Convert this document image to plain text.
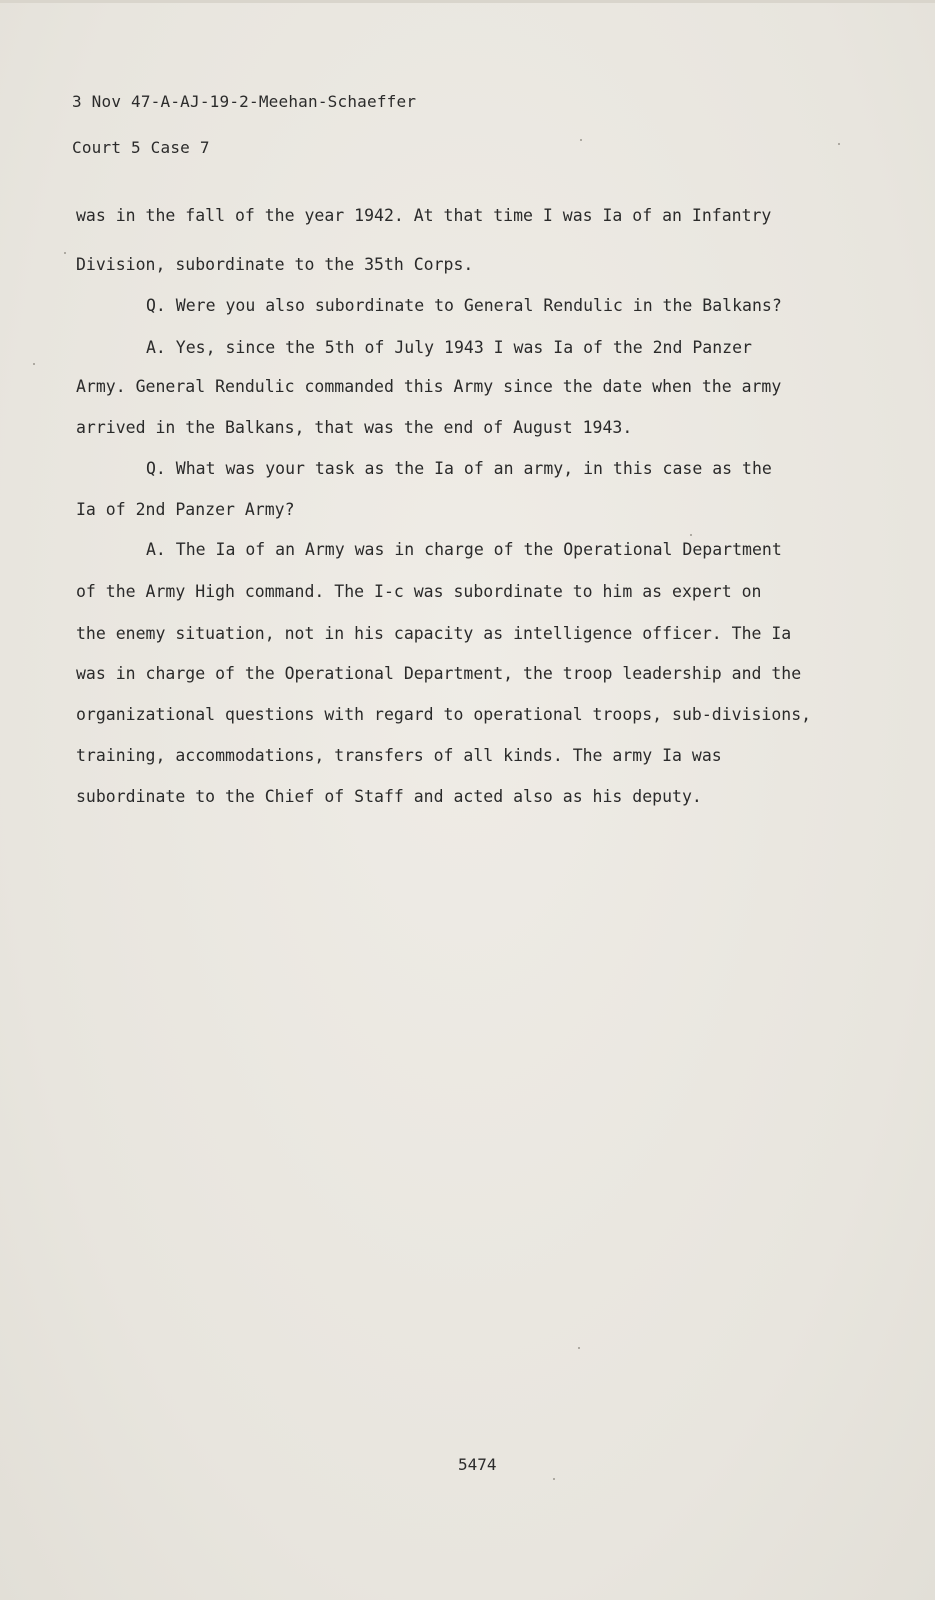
3 Nov 47-A-AJ-19-2-Meehan-Schaeffer
Court 5 Case 7
was in the fall of the year 1942. At that time I was Ia of an Infantry
Division, subordinate to the 35th Corps.
Q. Were you also subordinate to General Rendulic in the Balkans?
A. Yes, since the 5th of July 1943 I was Ia of the 2nd Panzer
Army. General Rendulic commanded this Army since the date when the army
arrived in the Balkans, that was the end of August 1943.
Q. What was your task as the Ia of an army, in this case as the
Ia of 2nd Panzer Army?
A. The Ia of an Army was in charge of the Operational Department
of the Army High command. The I-c was subordinate to him as expert on
the enemy situation, not in his capacity as intelligence officer. The Ia
was in charge of the Operational Department, the troop leadership and the
organizational questions with regard to operational troops, sub-divisions,
training, accommodations, transfers of all kinds. The army Ia was
subordinate to the Chief of Staff and acted also as his deputy.
5474
